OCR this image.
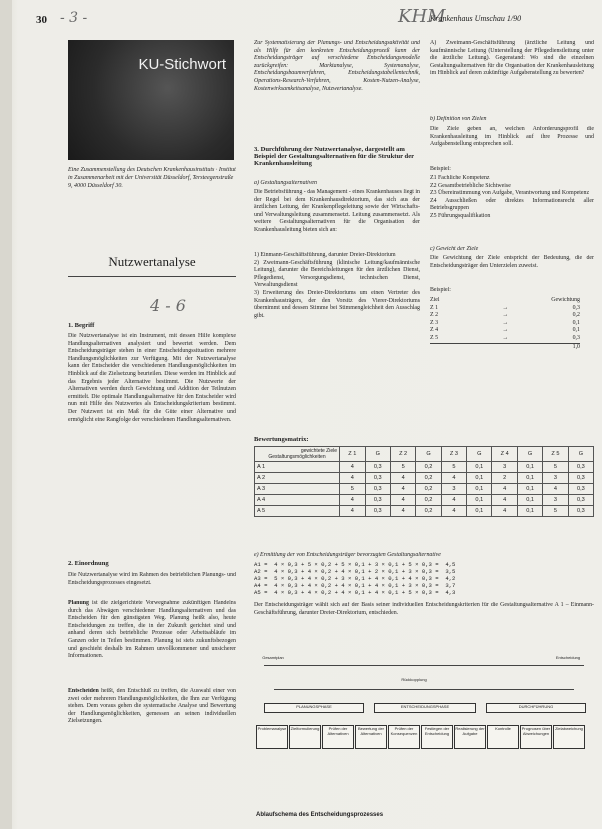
30 - 3 -	KHM
Krankenhaus Umschau 1/90
KU-Stichwort
Eine Zusammenstellung des Deutschen Krankenhausinstituts · Institut in Zusammenarbeit mit der Universität Düsseldorf, Tersteegenstraße 9, 4000 Düsseldorf 30.
Nutzwertanalyse
4 - 6
1. Begriff
Die Nutzwertanalyse ist ein Instrument, mit dessen Hilfe komplexe Handlungsalternativen analysiert und bewertet werden. Dem Entscheidungsträger stehen in einer Entscheidungssituation mehrere Handlungsmöglichkeiten zur Verfügung. Mit der Nutzwertanalyse kann der Entscheider die verschiedenen Handlungsmöglichkeiten im Hinblick auf die Zielsetzung beurteilen. Diese werden im Hinblick auf das Ergebnis jeder Alternative bestimmt. Die Nutzwerte der Alternativen werden durch Gewichtung und Addition der Teilnutzen ermittelt. Die optimale Handlungsalternative für den Entscheider wird nun mit Hilfe des Nutzwertes als Entscheidungskriterium bestimmt. Der Nutzwert ist ein Maß für die Güte einer Alternative und ermöglicht eine Rangfolge der verschiedenen Handlungsalternativen.
2. Einordnung
Die Nutzwertanalyse wird im Rahmen des betrieblichen Planungs- und Entscheidungsprozesses eingesetzt.
Planung ist die zielgerichtete Vorwegnahme zukünftigen Handelns durch das Abwägen verschiedener Handlungsalternativen und das Entscheiden für den günstigsten Weg. Planung heißt also, heute Entscheidungen zu treffen, die in der Zukunft gerichtet sind und anhand deren sich betriebliche Prozesse oder Arbeitsabläufe im Ganzen oder in Teilen bestimmen. Planung ist stets zukunftsbezogen und geschieht deshalb im Rahmen unvollkommener und unsicherer Informationen.
Entscheiden heißt, den Entschluß zu treffen, die Auswahl einer von zwei oder mehreren Handlungsmöglichkeiten, die Ihm zur Verfügung stehen. Dem voraus gehen die systematische Analyse und Bewertung der Handlungsmöglichkeiten, gemessen an seinen individuellen Zielsetzungen.
Zur Systematisierung der Planungs- und Entscheidungsaktivität und als Hilfe für den konkreten Entscheidungsprozeß kann der Entscheidungsträger auf verschiedene Entscheidungsmodelle zurückgreifen: Marktanalyse, Systemanalyse, Entscheidungsbaumverfahren, Entscheidungstabellentechnik, Operations-Research-Verfahren, Kosten-Nutzen-Analyse, Kostenwirksamkeitsanalyse, Nutzwertanalyse.
3. Durchführung der Nutzwertanalyse, dargestellt am Beispiel der Gestaltungsalternativen für die Struktur der Krankenhausleitung
a) Gestaltungsalternativen
Die Betriebsführung - das Management - eines Krankenhauses liegt in der Regel bei dem Krankenhausdirektorium, das sich aus der ärztlichen Leitung, der Krankenpflegeleitung sowie der Wirtschafts- und Verwaltungsleitung zusammensetzt. Leitung zusammensetzt. Als weitere Gestaltungsalternativen für die Organisation der Krankenhausleitung bieten sich an:
1) Einmann-Geschäftsführung, darunter Dreier-Direktorium
2) Zweimann-Geschäftsführung (klinische Leitung/kaufmännische Leitung), darunter die Bereichsleitungen für den ärztlichen Dienst, Pflegedienst, Versorgungsdienst, technischen Dienst, Verwaltungsdienst
3) Erweiterung des Dreier-Direktoriums um einen Vertreter des Krankenhausträgers, der den Vorsitz des Vierer-Direktoriums übernimmt und dessen Stimme bei Stimmengleichheit den Ausschlag gibt.
A) Zweimann-Geschäftsführung (ärztliche Leitung und kaufmännische Leitung (Unterstellung der Pflegedienstleitung unter die ärztliche Leitung). Gegenstand: Wo sind die einzelnen Gestaltungsalternativen für die Organisation der Krankenhausleitung im Hinblick auf deren zukünftige Aufgabenstellung zu bewerten?
b) Definition von Zielen
Die Ziele geben an, welchen Anforderungsprofil die Krankenhausleitung im Hinblick auf ihre Prozesse und Aufgabenstellung entsprechen soll.
Beispiel:
Z1 Fachliche Kompetenz
Z2 Gesamtbetriebliche Sichtweise
Z3 Übereinstimmung von Aufgabe, Verantwortung und Kompetenz
Z4 Ausschließen oder direktes Informationsrecht aller Betriebsgruppen
Z5 Führungsqualifikation
c) Gewicht der Ziele
Die Gewichtung der Ziele entspricht der Bedeutung, die der Entscheidungsträger den Unterzielen zuweist.
Beispiel:
Ziel	Gewichtung
Z 1	→	0,3
Z 2	→	0,2
Z 3	→	0,1
Z 4	→	0,1
Z 5	→	0,3
1,0
Bewertungsmatrix:
gewichtete Ziele
Gestaltungsmöglichkeiten	Z 1	G	Z 2	G	Z 3	G	Z 4	G	Z 5	G
A 1	4	0,3	5	0,2	5	0,1	3	0,1	5	0,3
A 2	4	0,3	4	0,2	4	0,1	2	0,1	3	0,3
A 3	5	0,3	4	0,2	3	0,1	4	0,1	4	0,3
A 4	4	0,3	4	0,2	4	0,1	4	0,1	3	0,3
A 5	4	0,3	4	0,2	4	0,1	4	0,1	5	0,3
e) Ermittlung der von Entscheidungsträger bevorzugten Gestaltungsalternative
A1 =  4 × 0,3 + 5 × 0,2 + 5 × 0,1 + 3 × 0,1 + 5 × 0,3 =  4,5
A2 =  4 × 0,3 + 4 × 0,2 + 4 × 0,1 + 2 × 0,1 + 3 × 0,3 =  3,5
A3 =  5 × 0,3 + 4 × 0,2 + 3 × 0,1 + 4 × 0,1 + 4 × 0,3 =  4,2
A4 =  4 × 0,3 + 4 × 0,2 + 4 × 0,1 + 4 × 0,1 + 3 × 0,3 =  3,7
A5 =  4 × 0,3 + 4 × 0,2 + 4 × 0,1 + 4 × 0,1 + 5 × 0,3 =  4,3
Der Entscheidungsträger wählt sich auf der Basis seiner individuellen Entscheidungskriterien für die Gestaltungsalternative A 1 – Einmann-Geschäftsführung, darunter Dreier-Direktorium, entschieden.
Gesamtplan	Entscheidung
Rückkopplung
PLANUNGSPHASE	ENTSCHEIDUNGSPHASE	DURCHFÜHRUNG
Problemanalyse	Zielformulierung	Prüfen der Alternativen
Bewertung der Alternativen
Prüfen der Konsequenzen
Festlegen der Entscheidung
Realisierung der Aufgabe
Kontrolle	Prognosen über Abweichungen
Zielabweichung
Ablaufschema des Entscheidungsprozesses
